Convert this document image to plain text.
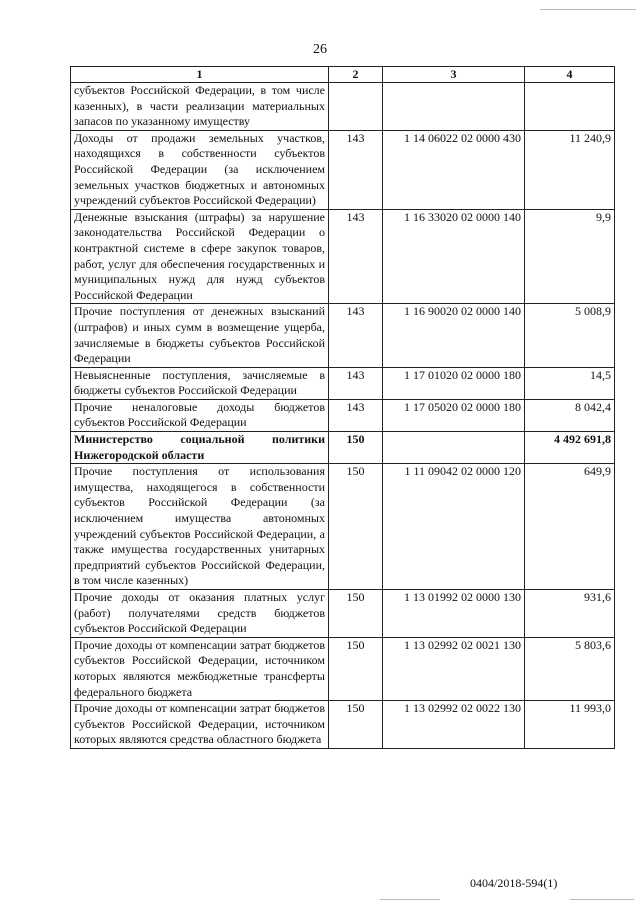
26
1	2	3	4
субъектов Российской Федерации, в том числе казенных), в части реализации материальных запасов по указанному имуществу			
Доходы от продажи земельных участков, находящихся в собственности субъектов Российской Федерации (за исключением земельных участков бюджетных и автономных учреждений субъектов Российской Федерации)	143	1 14 06022 02 0000 430	11 240,9
Денежные взыскания (штрафы) за нарушение законодательства Российской Федерации о контрактной системе в сфере закупок товаров, работ, услуг для обеспечения государственных и муниципальных нужд для нужд субъектов Российской Федерации	143	1 16 33020 02 0000 140	9,9
Прочие поступления от денежных взысканий (штрафов) и иных сумм в возмещение ущерба, зачисляемые в бюджеты субъектов Российской Федерации	143	1 16 90020 02 0000 140	5 008,9
Невыясненные поступления, зачисляемые в бюджеты субъектов Российской Федерации	143	1 17 01020 02 0000 180	14,5
Прочие неналоговые доходы бюджетов субъектов Российской Федерации	143	1 17 05020 02 0000 180	8 042,4
Министерство социальной политики Нижегородской области	150		4 492 691,8
Прочие поступления от использования имущества, находящегося в собственности субъектов Российской Федерации (за исключением имущества автономных учреждений субъектов Российской Федерации, а также имущества государственных унитарных предприятий субъектов Российской Федерации, в том числе казенных)	150	1 11 09042 02 0000 120	649,9
Прочие доходы от оказания платных услуг (работ) получателями средств бюджетов субъектов Российской Федерации	150	1 13 01992 02 0000 130	931,6
Прочие доходы от компенсации затрат бюджетов субъектов Российской Федерации, источником которых являются межбюджетные трансферты федерального бюджета	150	1 13 02992 02 0021 130	5 803,6
Прочие доходы от компенсации затрат бюджетов субъектов Российской Федерации, источником которых являются средства областного бюджета	150	1 13 02992 02 0022 130	11 993,0
0404/2018-594(1)
